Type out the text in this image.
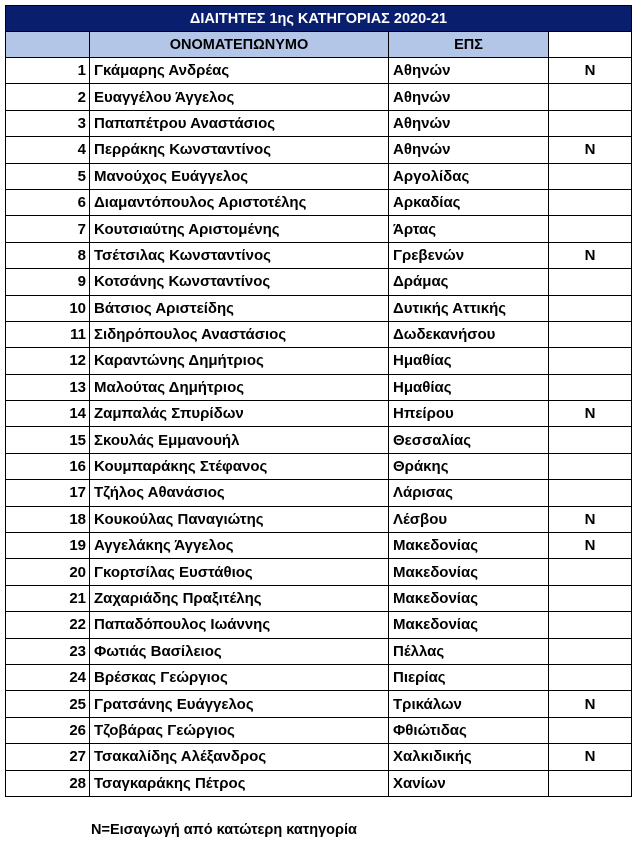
ΔΙΑΙΤΗΤΕΣ 1ης ΚΑΤΗΓΟΡΙΑΣ 2020-21			
	ΟΝΟΜΑΤΕΠΩΝΥΜΟ	ΕΠΣ	
1	Γκάμαρης Ανδρέας	Αθηνών	Ν
2	Ευαγγέλου Άγγελος	Αθηνών	
3	Παπαπέτρου Αναστάσιος	Αθηνών	
4	Περράκης Κωνσταντίνος	Αθηνών	Ν
5	Μανούχος Ευάγγελος	Αργολίδας	
6	Διαμαντόπουλος Αριστοτέλης	Αρκαδίας	
7	Κουτσιαύτης Αριστομένης	Άρτας	
8	Τσέτσιλας Κωνσταντίνος	Γρεβενών	Ν
9	Κοτσάνης Κωνσταντίνος	Δράμας	
10	Βάτσιος Αριστείδης	Δυτικής Αττικής	
11	Σιδηρόπουλος Αναστάσιος	Δωδεκανήσου	
12	Καραντώνης Δημήτριος	Ημαθίας	
13	Μαλούτας Δημήτριος	Ημαθίας	
14	Ζαμπαλάς Σπυρίδων	Ηπείρου	Ν
15	Σκουλάς Εμμανουήλ	Θεσσαλίας	
16	Κουμπαράκης Στέφανος	Θράκης	
17	Τζήλος Αθανάσιος	Λάρισας	
18	Κουκούλας Παναγιώτης	Λέσβου	Ν
19	Αγγελάκης Άγγελος	Μακεδονίας	Ν
20	Γκορτσίλας Ευστάθιος	Μακεδονίας	
21	Ζαχαριάδης Πραξιτέλης	Μακεδονίας	
22	Παπαδόπουλος Ιωάννης	Μακεδονίας	
23	Φωτιάς Βασίλειος	Πέλλας	
24	Βρέσκας Γεώργιος	Πιερίας	
25	Γρατσάνης Ευάγγελος	Τρικάλων	Ν
26	Τζοβάρας Γεώργιος	Φθιώτιδας	
27	Τσακαλίδης Αλέξανδρος	Χαλκιδικής	Ν
28	Τσαγκαράκης Πέτρος	Χανίων	
Ν=Εισαγωγή από κατώτερη κατηγορία
